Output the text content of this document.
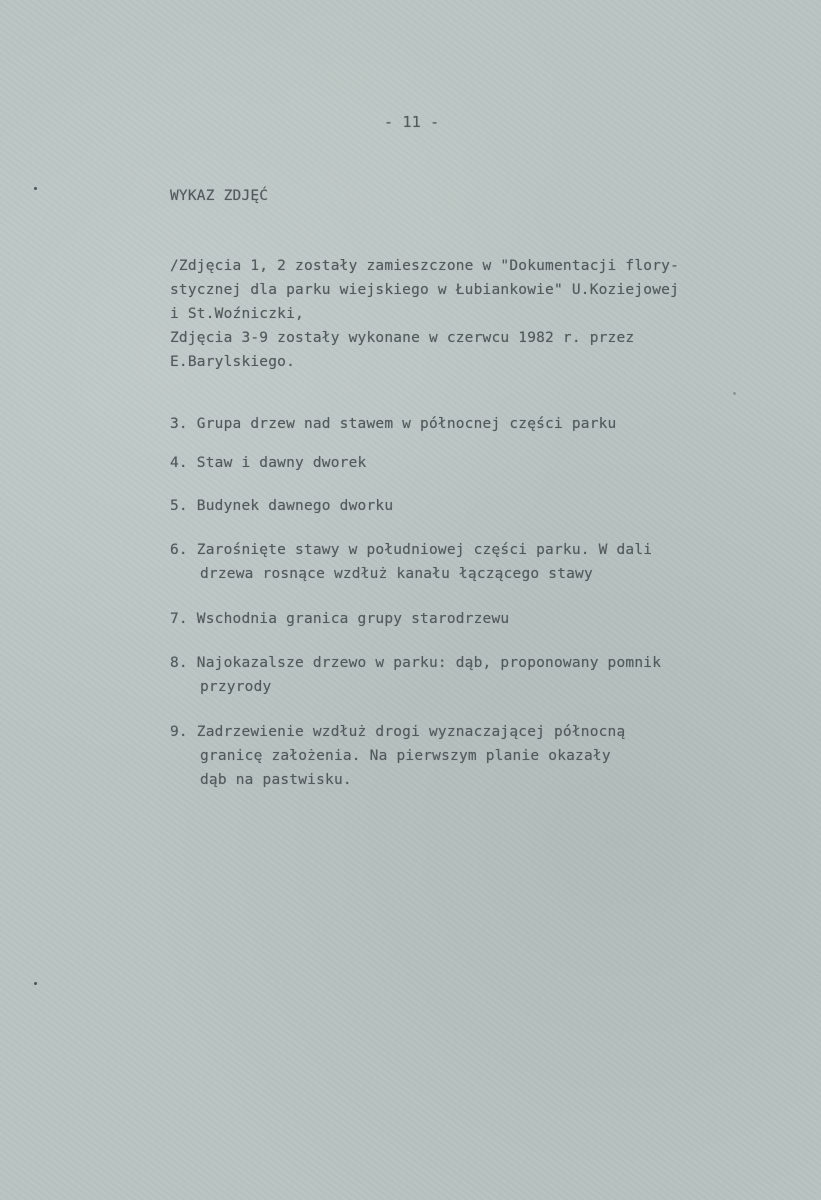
- 11 -
WYKAZ ZDJĘĆ
/Zdjęcia 1, 2 zostały zamieszczone w "Dokumentacji flory-
stycznej dla parku wiejskiego w Łubiankowie" U.Koziejowej
i St.Woźniczki,
Zdjęcia 3-9 zostały wykonane w czerwcu 1982 r. przez
E.Barylskiego.
3. Grupa drzew nad stawem w północnej części parku
4. Staw i dawny dworek
5. Budynek dawnego dworku
6. Zarośnięte stawy w południowej części parku. W dali
drzewa rosnące wzdłuż kanału łączącego stawy
7. Wschodnia granica grupy starodrzewu
8. Najokazalsze drzewo w parku: dąb, proponowany pomnik
przyrody
9. Zadrzewienie wzdłuż drogi wyznaczającej północną
granicę założenia. Na pierwszym planie okazały
dąb na pastwisku.
